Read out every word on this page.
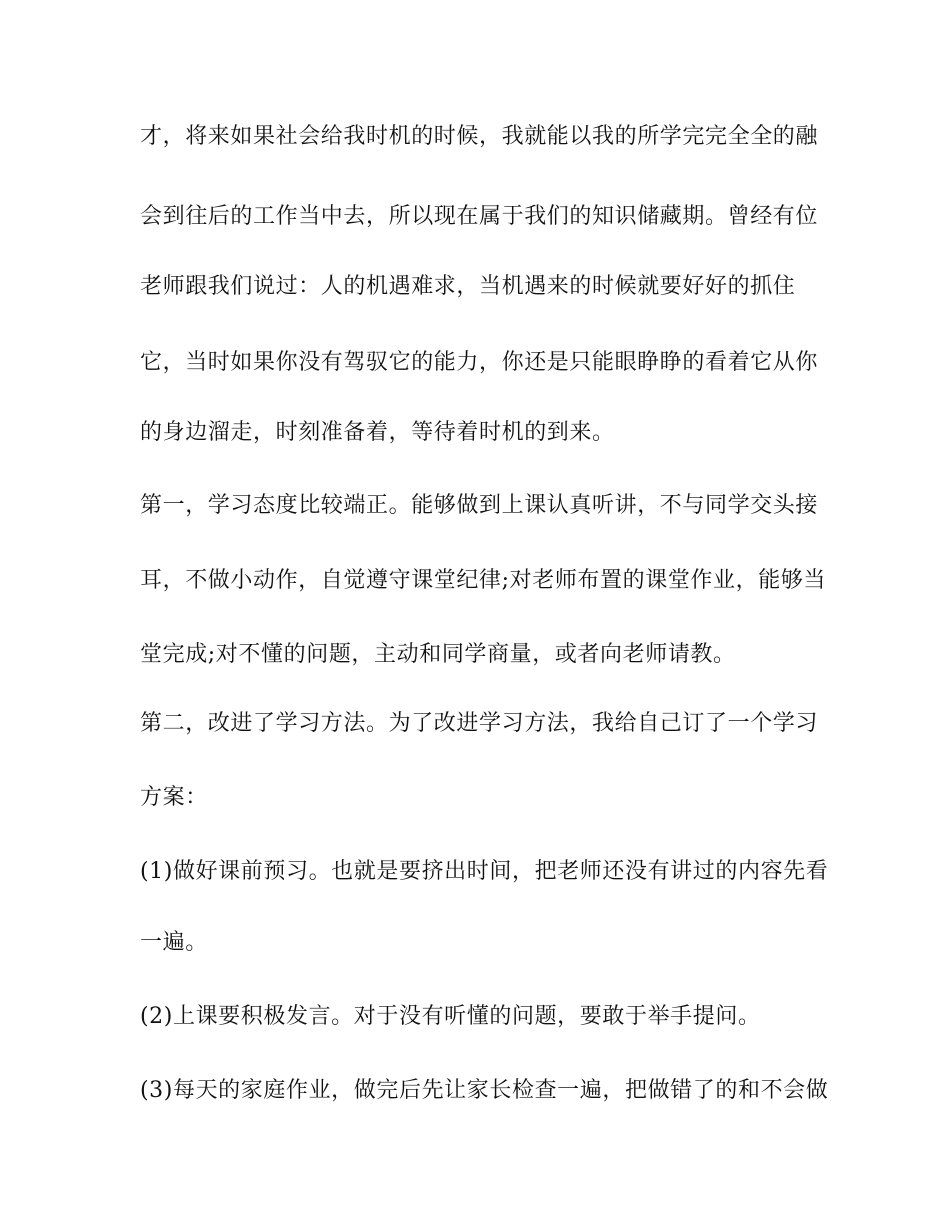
才，将来如果社会给我时机的时候，我就能以我的所学完完全全的融
会到往后的工作当中去，所以现在属于我们的知识储藏期。曾经有位
老师跟我们说过：人的机遇难求，当机遇来的时候就要好好的抓住
它，当时如果你没有驾驭它的能力，你还是只能眼睁睁的看着它从你
的身边溜走，时刻准备着，等待着时机的到来。
第一，学习态度比较端正。能够做到上课认真听讲，不与同学交头接
耳，不做小动作，自觉遵守课堂纪律;对老师布置的课堂作业，能够当
堂完成;对不懂的问题，主动和同学商量，或者向老师请教。
第二，改进了学习方法。为了改进学习方法，我给自己订了一个学习
方案：
(1)做好课前预习。也就是要挤出时间，把老师还没有讲过的内容先看
一遍。
(2)上课要积极发言。对于没有听懂的问题，要敢于举手提问。
(3)每天的家庭作业，做完后先让家长检查一遍，把做错了的和不会做
